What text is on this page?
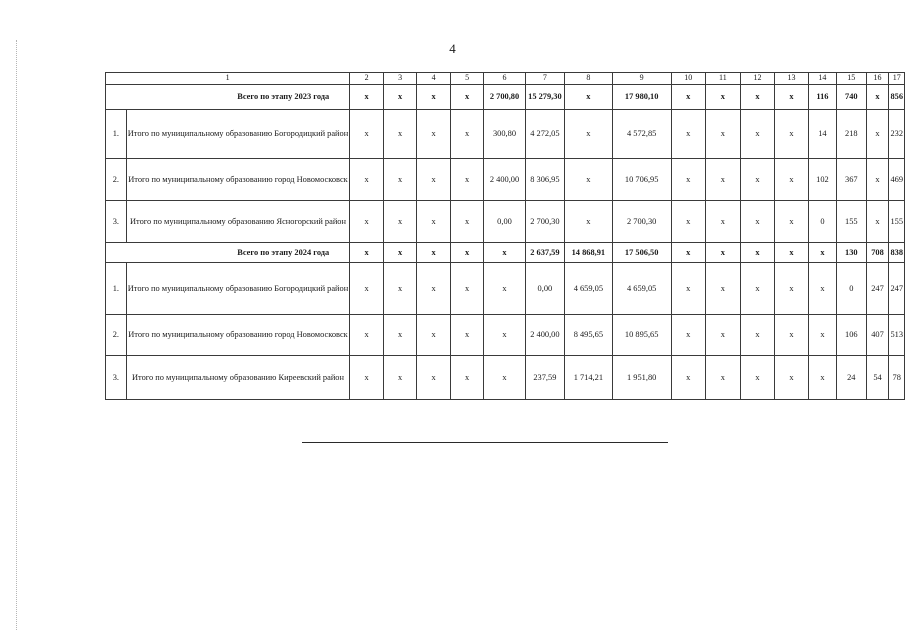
4
1		2	3	4	5	6	7	8	9	10	11	12	13	14	15	16	17
Всего по этапу 2023 года		x	x	x	x	2 700,80	15 279,30	x	17 980,10	x	x	x	x	116	740	x	856
1.	Итого по муниципальному образованию Богородицкий район	x	x	x	x	300,80	4 272,05	x	4 572,85	x	x	x	x	14	218	x	232
2.	Итого по муниципальному образованию город Новомосковск	x	x	x	x	2 400,00	8 306,95	x	10 706,95	x	x	x	x	102	367	x	469
3.	Итого по муниципальному образованию Ясногорский район	x	x	x	x	0,00	2 700,30	x	2 700,30	x	x	x	x	0	155	x	155
Всего по этапу 2024 года		x	x	x	x	x	2 637,59	14 868,91	17 506,50	x	x	x	x	x	130	708	838
1.	Итого по муниципальному образованию Богородицкий район	x	x	x	x	x	0,00	4 659,05	4 659,05	x	x	x	x	x	0	247	247
2.	Итого по муниципальному образованию город Новомосковск	x	x	x	x	x	2 400,00	8 495,65	10 895,65	x	x	x	x	x	106	407	513
3.	Итого по муниципальному образованию Киреевский район	x	x	x	x	x	237,59	1 714,21	1 951,80	x	x	x	x	x	24	54	78
